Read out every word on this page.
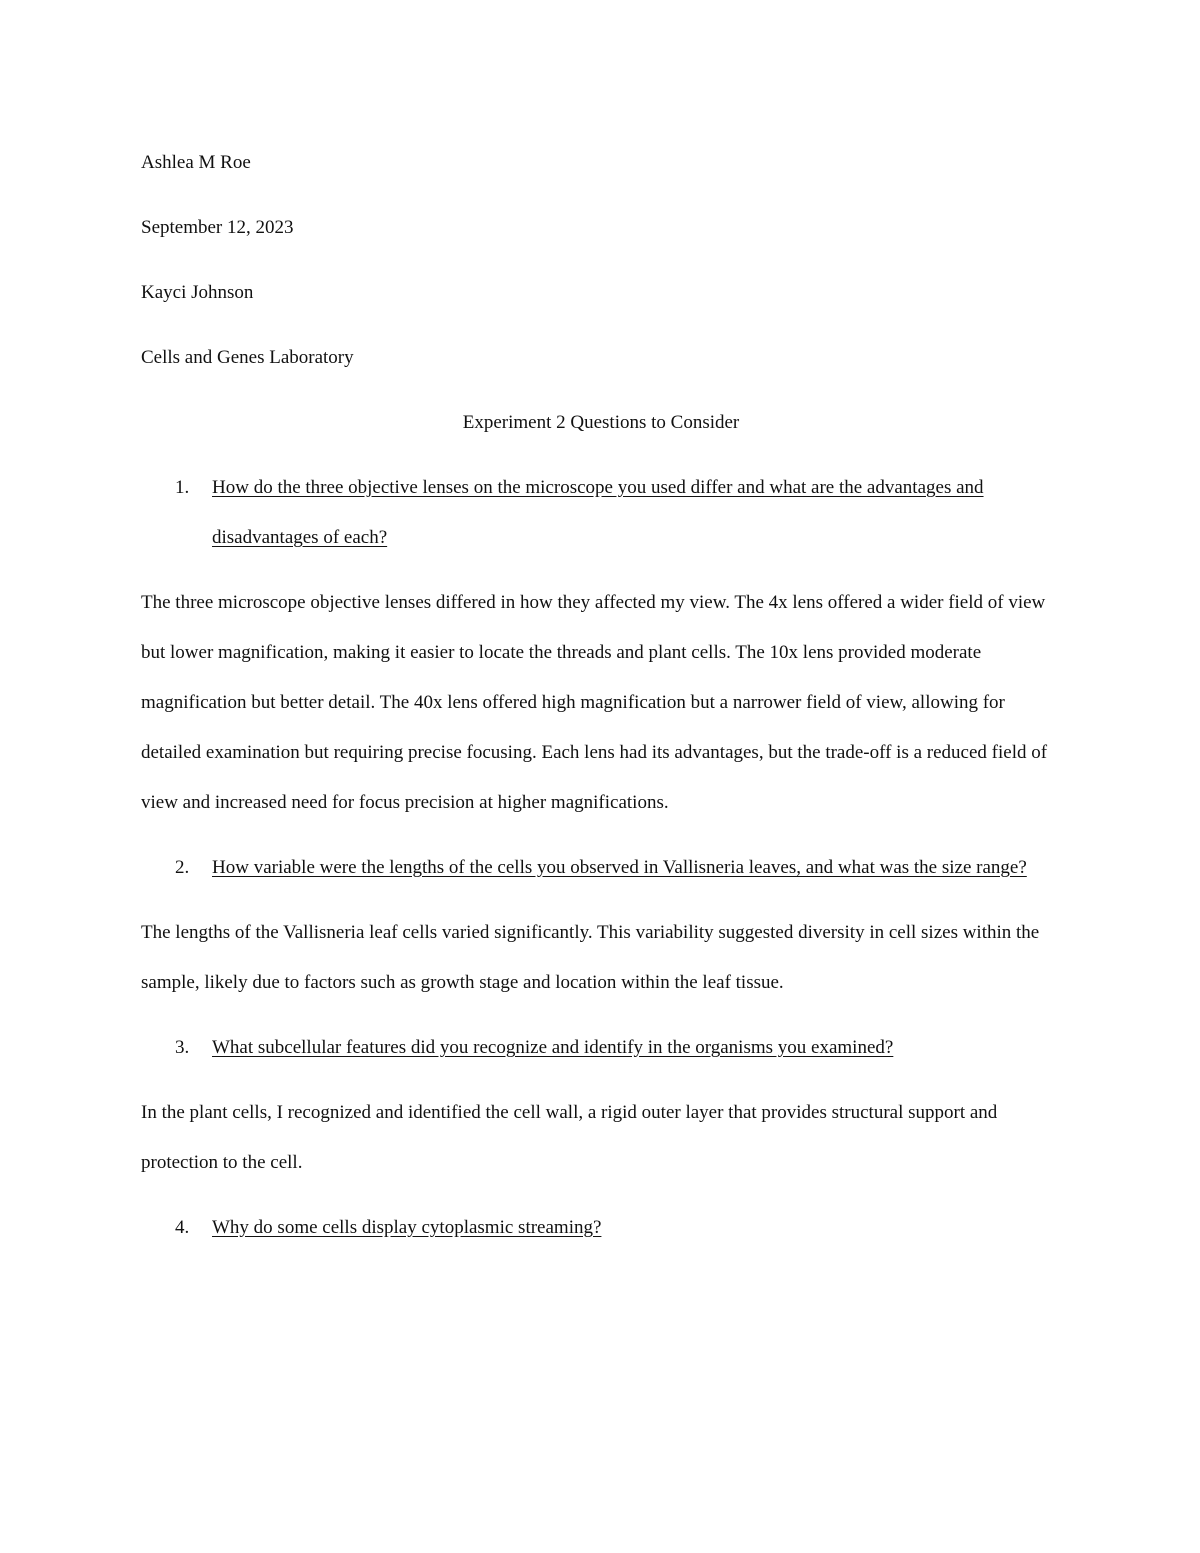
Ashlea M Roe

September 12, 2023

Kayci Johnson

Cells and Genes Laboratory

Experiment 2 Questions to Consider

1.	How do the three objective lenses on the microscope you used differ and what are the advantages and disadvantages of each?

The three microscope objective lenses differed in how they affected my view. The 4x lens offered a wider field of view but lower magnification, making it easier to locate the threads and plant cells. The 10x lens provided moderate magnification but better detail. The 40x lens offered high magnification but a narrower field of view, allowing for detailed examination but requiring precise focusing. Each lens had its advantages, but the trade-off is a reduced field of view and increased need for focus precision at higher magnifications.

2.	How variable were the lengths of the cells you observed in Vallisneria leaves, and what was the size range?

The lengths of the Vallisneria leaf cells varied significantly. This variability suggested diversity in cell sizes within the sample, likely due to factors such as growth stage and location within the leaf tissue.

3.	What subcellular features did you recognize and identify in the organisms you examined?

In the plant cells, I recognized and identified the cell wall, a rigid outer layer that provides structural support and protection to the cell.

4.	Why do some cells display cytoplasmic streaming?
